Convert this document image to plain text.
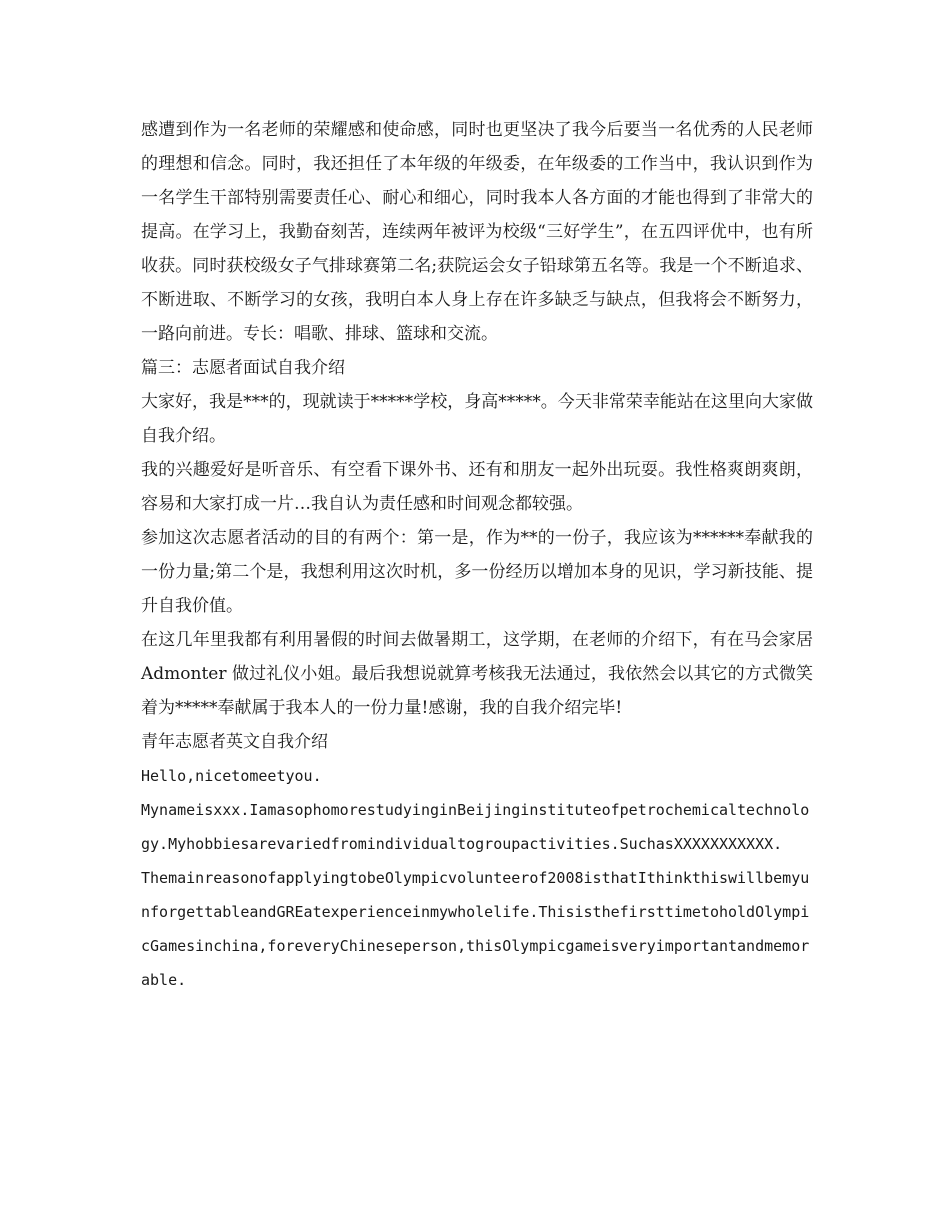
感遭到作为一名老师的荣耀感和使命感，同时也更坚决了我今后要当一名优秀的人民老师的理想和信念。同时，我还担任了本年级的年级委，在年级委的工作当中，我认识到作为一名学生干部特别需要责任心、耐心和细心，同时我本人各方面的才能也得到了非常大的提高。在学习上，我勤奋刻苦，连续两年被评为校级“三好学生”，在五四评优中，也有所收获。同时获校级女子气排球赛第二名;获院运会女子铅球第五名等。我是一个不断追求、不断进取、不断学习的女孩，我明白本人身上存在许多缺乏与缺点，但我将会不断努力，一路向前进。专长：唱歌、排球、篮球和交流。

篇三：志愿者面试自我介绍

大家好，我是***的，现就读于*****学校，身高*****。今天非常荣幸能站在这里向大家做自我介绍。

我的兴趣爱好是听音乐、有空看下课外书、还有和朋友一起外出玩耍。我性格爽朗爽朗，容易和大家打成一片…我自认为责任感和时间观念都较强。

参加这次志愿者活动的目的有两个：第一是，作为**的一份子，我应该为******奉献我的一份力量;第二个是，我想利用这次时机，多一份经历以增加本身的见识，学习新技能、提升自我价值。

在这几年里我都有利用暑假的时间去做暑期工，这学期，在老师的介绍下，有在马会家居 Admonter 做过礼仪小姐。最后我想说就算考核我无法通过，我依然会以其它的方式微笑着为*****奉献属于我本人的一份力量!感谢，我的自我介绍完毕!

青年志愿者英文自我介绍

Hello,nicetomeetyou.

Mynameisxxx.IamasophomorestudyinginBeijinginstituteofpetrochemicaltechnology.Myhobbiesarevariedfromindividualtogroupactivities.SuchasXXXXXXXXXXX.

ThemainreasonofapplyingtobeOlympicvolunteerof2008isthatIthinkthiswillbemyunforgettableandGREatexperienceinmywholelife.ThisisthefirsttimetoholdOlympicGamesinchina,foreveryChineseperson,thisOlympicgameisveryimportantandmemorable.
